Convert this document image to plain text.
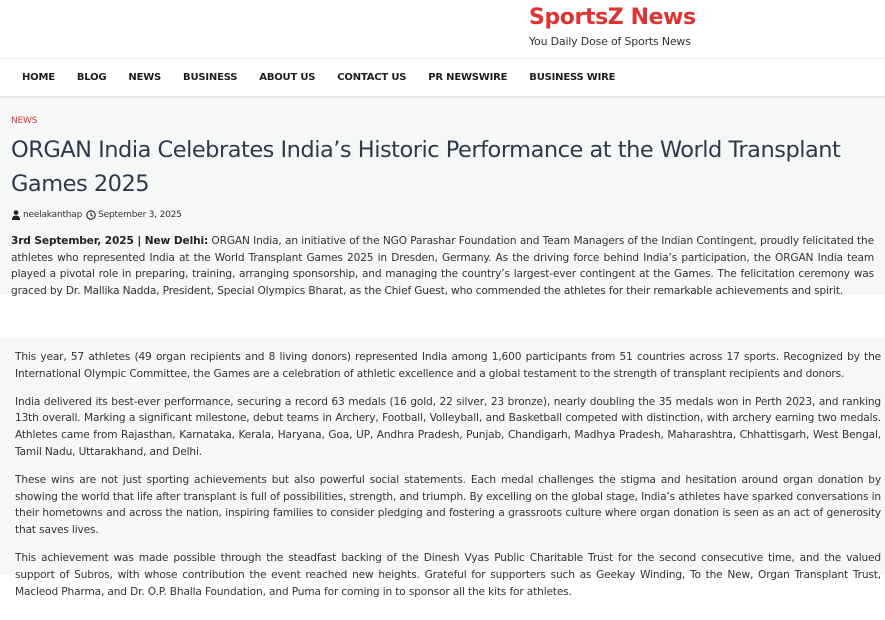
SportsZ News
You Daily Dose of Sports News
HOME BLOG NEWS BUSINESS ABOUT US CONTACT US PR NEWSWIRE BUSINESS WIRE
NEWS
ORGAN India Celebrates India’s Historic Performance at the World Transplant Games 2025
neelakanthap September 3, 2025

3rd September, 2025 | New Delhi: ORGAN India, an initiative of the NGO Parashar Foundation and Team Managers of the Indian Contingent, proudly felicitated the athletes who represented India at the World Transplant Games 2025 in Dresden, Germany. As the driving force behind India’s participation, the ORGAN India team played a pivotal role in preparing, training, arranging sponsorship, and managing the country’s largest-ever contingent at the Games. The felicitation ceremony was graced by Dr. Mallika Nadda, President, Special Olympics Bharat, as the Chief Guest, who commended the athletes for their remarkable achievements and spirit.

This year, 57 athletes (49 organ recipients and 8 living donors) represented India among 1,600 participants from 51 countries across 17 sports. Recognized by the International Olympic Committee, the Games are a celebration of athletic excellence and a global testament to the strength of transplant recipients and donors.

India delivered its best-ever performance, securing a record 63 medals (16 gold, 22 silver, 23 bronze), nearly doubling the 35 medals won in Perth 2023, and ranking 13th overall. Marking a significant milestone, debut teams in Archery, Football, Volleyball, and Basketball competed with distinction, with archery earning two medals. Athletes came from Rajasthan, Karnataka, Kerala, Haryana, Goa, UP, Andhra Pradesh, Punjab, Chandigarh, Madhya Pradesh, Maharashtra, Chhattisgarh, West Bengal, Tamil Nadu, Uttarakhand, and Delhi.

These wins are not just sporting achievements but also powerful social statements. Each medal challenges the stigma and hesitation around organ donation by showing the world that life after transplant is full of possibilities, strength, and triumph. By excelling on the global stage, India’s athletes have sparked conversations in their hometowns and across the nation, inspiring families to consider pledging and fostering a grassroots culture where organ donation is seen as an act of generosity that saves lives.

This achievement was made possible through the steadfast backing of the Dinesh Vyas Public Charitable Trust for the second consecutive time, and the valued support of Subros, with whose contribution the event reached new heights. Grateful for supporters such as Geekay Winding, To the New, Organ Transplant Trust, Macleod Pharma, and Dr. O.P. Bhalla Foundation, and Puma for coming in to sponsor all the kits for athletes.
